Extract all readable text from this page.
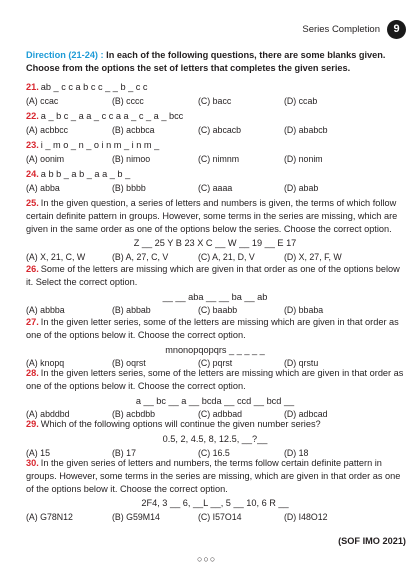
Series Completion	9
Direction (21-24) : In each of the following questions, there are some blanks given. Choose from the options the set of letters that completes the given series.
21. ab _ c c a b c c _ _ b _ c c
(A) ccac	(B) cccc	(C) bacc	(D) ccab
22. a _ b c _ a a _ c c a a _ c _ a _ bcc
(A) acbbcc	(B) acbbca	(C) abcacb	(D) ababcb
23. i _ m o _ n _ o i n m _ i n m _
(A) oonim	(B) nimoo	(C) nimnm	(D) nonim
24. a b b _ a b _ a a _ b _
(A) abba	(B) bbbb	(C) aaaa	(D) abab
25. In the given question, a series of letters and numbers is given, the terms of which follow certain definite pattern in groups. However, some terms in the series are missing, which are given in the same order as one of the options below the series. Choose the correct option.
Z __ 25 Y B 23 X C __ W __ 19 __ E 17
(A) X, 21, C, W	(B) A, 27, C, V	(C) A, 21, D, V	(D) X, 27, F, W
26. Some of the letters are missing which are given in that order as one of the options below it. Select the correct option.
__ __ aba __ __ ba __ ab
(A) abbba	(B) abbab	(C) baabb	(D) bbaba
27. In the given letter series, some of the letters are missing which are given in that order as one of the options below it. Choose the correct option.
mnonopqopqrs _ _ _ _ _
(A) knopq	(B) oqrst	(C) pqrst	(D) qrstu
28. In the given letters series, some of the letters are missing which are given in that order as one of the options below it. Choose the correct option.
a __ bc __ a __ bcda __ ccd __ bcd __
(A) abddbd	(B) acbdbb	(C) adbbad	(D) adbcad
29. Which of the following options will continue the given number series?
0.5, 2, 4.5, 8, 12.5, __?__
(A) 15	(B) 17	(C) 16.5	(D) 18
30. In the given series of letters and numbers, the terms follow certain definite pattern in groups. However, some terms in the series are missing, which are given in that order as one of the options below it. Choose the correct option.
2F4, 3 __ 6, __L __, 5 __ 10, 6 R __
(A) G78N12	(B) G59M14	(C) I57O14	(D) I48O12
(SOF IMO 2021)
○○○
